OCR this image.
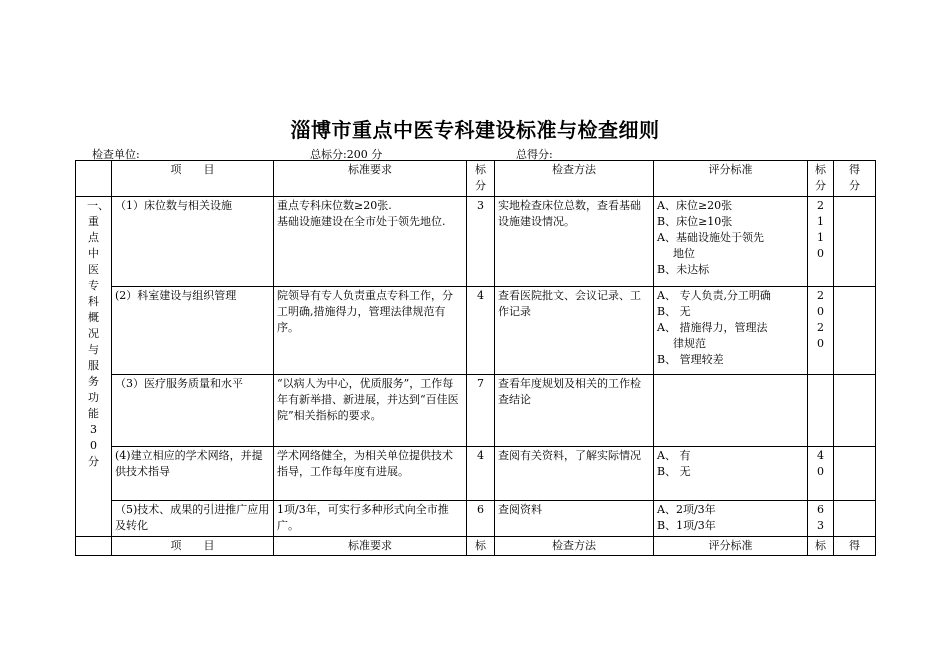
淄博市重点中医专科建设标准与检查细则
检查单位:	总标分:200 分	总得分:
	项　　目	标准要求	标分	检查方法	评分标准	标分	得分

一、重点中医专科概况与服务功能30分	（1）床位数与相关设施	重点专科床位数≥20张.
基础设施建设在全市处于领先地位.	3	实地检查床位总数，查看基础设施建设情况。	A、床位≥20张
B、床位≥10张
A、基础设施处于领先
地位
B、未达标	2
1
1
0	

	(2）科室建设与组织管理	院领导有专人负责重点专科工作，分工明确,措施得力，管理法律规范有序。	4	查看医院批文、会议记录、工作记录	A、 专人负责,分工明确
B、 无
A、 措施得力，管理法
律规范
B、 管理较差	2
0
2
0	

	（3）医疗服务质量和水平	“以病人为中心，优质服务”，工作每年有新举措、新进展，并达到“百佳医院”相关指标的要求。	7	查看年度规划及相关的工作检查结论			
	(4)建立相应的学术网络，并提供技术指导	学术网络健全，为相关单位提供技术指导，工作每年度有进展。	4	查阅有关资料，了解实际情况	A、 有
B、 无	4
0	

	（5)技术、成果的引进推广应用及转化	1项/3年，可实行多种形式向全市推广。	6	查阅资料	A、2项/3年
B、1项/3年	6
3	

	项　　目	标准要求	标	检查方法	评分标准	标	得
